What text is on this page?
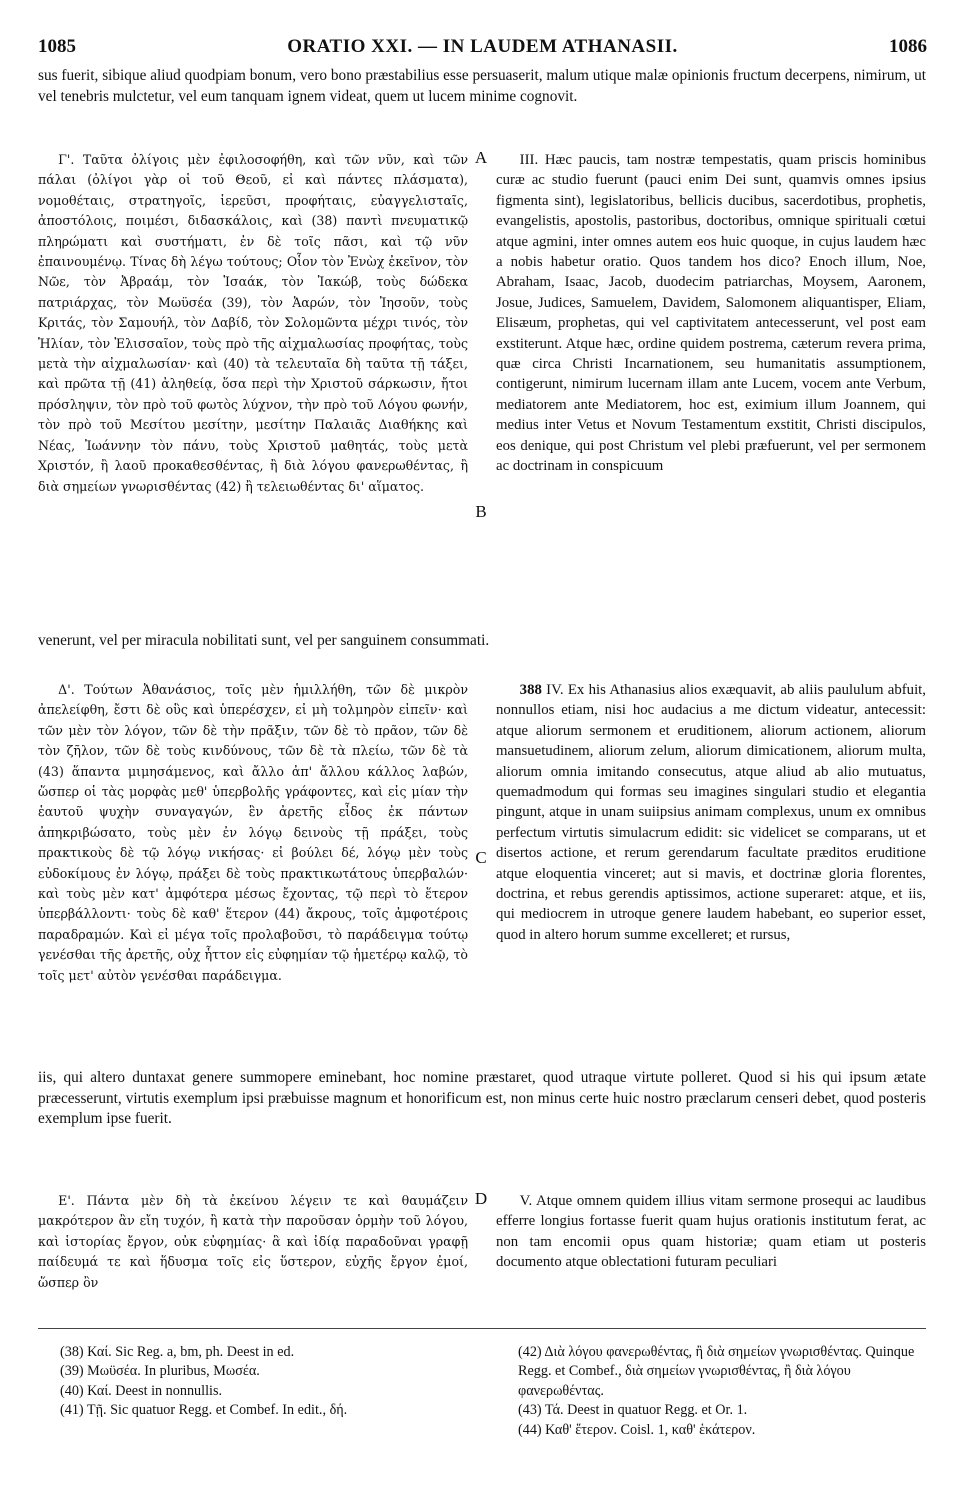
1085	ORATIO XXI. — IN LAUDEM ATHANASII.	1086
sus fuerit, sibique aliud quodpiam bonum, vero bono præstabilius esse persuaserit, malum utique malæ opinionis fructum decerpens, nimirum, ut vel tenebris mulctetur, vel eum tanquam ignem videat, quem ut lucem minime cognovit.

Γ'. Ταῦτα ὀλίγοις μὲν ἐφιλοσοφήθη, καὶ τῶν νῦν, καὶ τῶν πάλαι (ὀλίγοι γὰρ οἱ τοῦ Θεοῦ, εἰ καὶ πάντες πλάσματα), νομοθέταις, στρατηγοῖς, ἱερεῦσι, προφήταις, εὐαγγελισταῖς, ἀποστόλοις, ποιμέσι, διδασκάλοις, καὶ (38) παντὶ πνευματικῷ πληρώματι καὶ συστήματι, ἐν δὲ τοῖς πᾶσι, καὶ τῷ νῦν ἐπαινουμένῳ. Τίνας δὴ λέγω τούτους; Οἷον τὸν Ἐνὼχ ἐκεῖνον, τὸν Νῶε, τὸν Ἀβραάμ, τὸν Ἰσαάκ, τὸν Ἰακώβ, τοὺς δώδεκα πατριάρχας, τὸν Μωϋσέα (39), τὸν Ἀαρών, τὸν Ἰησοῦν, τοὺς Κριτάς, τὸν Σαμουήλ, τὸν Δαβίδ, τὸν Σολομῶντα μέχρι τινός, τὸν Ἠλίαν, τὸν Ἐλισσαῖον, τοὺς πρὸ τῆς αἰχμαλωσίας προφήτας, τοὺς μετὰ τὴν αἰχμαλωσίαν· καὶ (40) τὰ τελευταῖα δὴ ταῦτα τῇ τάξει, καὶ πρῶτα τῇ (41) ἀληθείᾳ, ὅσα περὶ τὴν Χριστοῦ σάρκωσιν, ἤτοι πρόσληψιν, τὸν πρὸ τοῦ φωτὸς λύχνον, τὴν πρὸ τοῦ Λόγου φωνήν, τὸν πρὸ τοῦ Μεσίτου μεσίτην, μεσίτην Παλαιᾶς Διαθήκης καὶ Νέας, Ἰωάννην τὸν πάνυ, τοὺς Χριστοῦ μαθητάς, τοὺς μετὰ Χριστόν, ἢ λαοῦ προκαθεσθέντας, ἢ διὰ λόγου φανερωθέντας, ἢ διὰ σημείων γνωρισθέντας (42) ἢ τελειωθέντας δι' αἵματος.

III. Hæc paucis, tam nostræ tempestatis, quam priscis hominibus curæ ac studio fuerunt (pauci enim Dei sunt, quamvis omnes ipsius figmenta sint), legislatoribus, bellicis ducibus, sacerdotibus, prophetis, evangelistis, apostolis, pastoribus, doctoribus, omnique spirituali cœtui atque agmini, inter omnes autem eos huic quoque, in cujus laudem hæc a nobis habetur oratio. Quos tandem hos dico? Enoch illum, Noe, Abraham, Isaac, Jacob, duodecim patriarchas, Moysem, Aaronem, Josue, Judices, Samuelem, Davidem, Salomonem aliquantisper, Eliam, Elisæum, prophetas, qui vel captivitatem antecesserunt, vel post eam exstiterunt. Atque hæc, ordine quidem postrema, cæterum revera prima, quæ circa Christi Incarnationem, seu humanitatis assumptionem, contigerunt, nimirum lucernam illam ante Lucem, vocem ante Verbum, mediatorem ante Mediatorem, hoc est, eximium illum Joannem, qui medius inter Vetus et Novum Testamentum exstitit, Christi discipulos, eos denique, qui post Christum vel plebi præfuerunt, vel per sermonem ac doctrinam in conspicuum

A
B
venerunt, vel per miracula nobilitati sunt, vel per sanguinem consummati.

Δ'. Τούτων Ἀθανάσιος, τοῖς μὲν ἡμιλλήθη, τῶν δὲ μικρὸν ἀπελείφθη, ἔστι δὲ οὓς καὶ ὑπερέσχεν, εἰ μὴ τολμηρὸν εἰπεῖν· καὶ τῶν μὲν τὸν λόγον, τῶν δὲ τὴν πρᾶξιν, τῶν δὲ τὸ πρᾶον, τῶν δὲ τὸν ζῆλον, τῶν δὲ τοὺς κινδύνους, τῶν δὲ τὰ πλείω, τῶν δὲ τὰ (43) ἅπαντα μιμησάμενος, καὶ ἄλλο ἀπ' ἄλλου κάλλος λαβών, ὥσπερ οἱ τὰς μορφὰς μεθ' ὑπερβολῆς γράφοντες, καὶ εἰς μίαν τὴν ἑαυτοῦ ψυχὴν συναγαγών, ἓν ἀρετῆς εἶδος ἐκ πάντων ἀπηκριβώσατο, τοὺς μὲν ἐν λόγῳ δεινοὺς τῇ πράξει, τοὺς πρακτικοὺς δὲ τῷ λόγῳ νικήσας· εἰ βούλει δέ, λόγῳ μὲν τοὺς εὐδοκίμους ἐν λόγῳ, πράξει δὲ τοὺς πρακτικωτάτους ὑπερβαλών· καὶ τοὺς μὲν κατ' ἀμφότερα μέσως ἔχοντας, τῷ περὶ τὸ ἕτερον ὑπερβάλλοντι· τοὺς δὲ καθ' ἕτερον (44) ἄκρους, τοῖς ἀμφοτέροις παραδραμών. Καὶ εἰ μέγα τοῖς προλαβοῦσι, τὸ παράδειγμα τούτῳ γενέσθαι τῆς ἀρετῆς, οὐχ ἧττον εἰς εὐφημίαν τῷ ἡμετέρῳ καλῷ, τὸ τοῖς μετ' αὐτὸν γενέσθαι παράδειγμα.

388 IV. Ex his Athanasius alios exæquavit, ab aliis paululum abfuit, nonnullos etiam, nisi hoc audacius a me dictum videatur, antecessit: atque aliorum sermonem et eruditionem, aliorum actionem, aliorum mansuetudinem, aliorum zelum, aliorum dimicationem, aliorum multa, aliorum omnia imitando consecutus, atque aliud ab alio mutuatus, quemadmodum qui formas seu imagines singulari studio et elegantia pingunt, atque in unam suiipsius animam complexus, unum ex omnibus perfectum virtutis simulacrum edidit: sic videlicet se comparans, ut et disertos actione, et rerum gerendarum facultate præditos eruditione atque eloquentia vinceret; aut si mavis, et doctrinæ gloria florentes, doctrina, et rebus gerendis aptissimos, actione superaret: atque, et iis, qui mediocrem in utroque genere laudem habebant, eo superior esset, quod in altero horum summe excelleret; et rursus,

C
iis, qui altero duntaxat genere summopere eminebant, hoc nomine præstaret, quod utraque virtute polleret. Quod si his qui ipsum ætate præcesserunt, virtutis exemplum ipsi præbuisse magnum et honorificum est, non minus certe huic nostro præclarum censeri debet, quod posteris exemplum ipse fuerit.

Ε'. Πάντα μὲν δὴ τὰ ἐκείνου λέγειν τε καὶ θαυμάζειν μακρότερον ἂν εἴη τυχόν, ἢ κατὰ τὴν παροῦσαν ὁρμὴν τοῦ λόγου, καὶ ἱστορίας ἔργον, οὐκ εὐφημίας· ἃ καὶ ἰδίᾳ παραδοῦναι γραφῇ παίδευμά τε καὶ ἥδυσμα τοῖς εἰς ὕστερον, εὐχῆς ἔργον ἐμοί, ὥσπερ ὂν

V. Atque omnem quidem illius vitam sermone prosequi ac laudibus efferre longius fortasse fuerit quam hujus orationis institutum ferat, ac non tam encomii opus quam historiæ; quam etiam ut posteris documento atque oblectationi futuram peculiari

D
(38) Καί. Sic Reg. a, bm, ph. Deest in ed.
(39) Μωϋσέα. In pluribus, Μωσέα.
(40) Καί. Deest in nonnullis.
(41) Τῇ. Sic quatuor Regg. et Combef. In edit., δή.
(42) Διὰ λόγου φανερωθέντας, ἢ διὰ σημείων γνωρισθέντας. Quinque Regg. et Combef., διὰ σημείων γνωρισθέντας, ἢ διὰ λόγου φανερωθέντας.
(43) Τά. Deest in quatuor Regg. et Or. 1.
(44) Καθ' ἕτερον. Coisl. 1, καθ' ἑκάτερον.
